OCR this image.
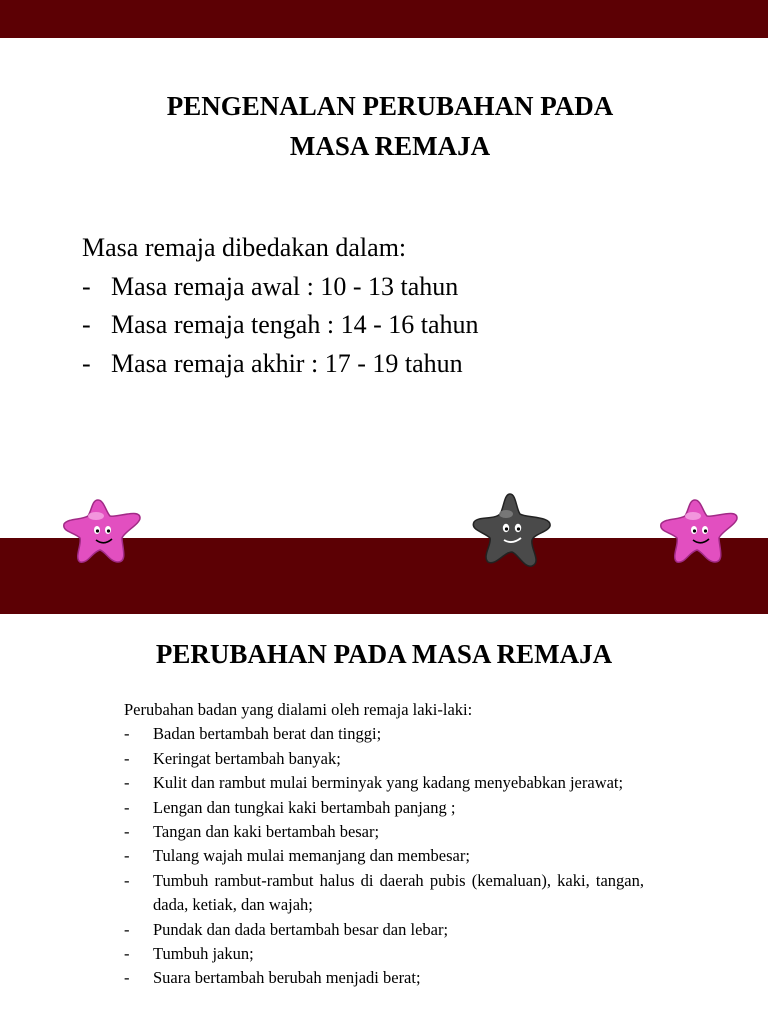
PENGENALAN PERUBAHAN PADA
MASA REMAJA
Masa remaja dibedakan dalam:
- Masa remaja awal : 10 - 13 tahun
- Masa remaja tengah : 14 - 16 tahun
- Masa remaja akhir : 17 - 19 tahun
PERUBAHAN PADA MASA REMAJA
Perubahan badan yang dialami oleh remaja laki-laki:
-	Badan bertambah berat dan tinggi;
-	Keringat bertambah banyak;
-	Kulit dan rambut mulai berminyak yang kadang menyebabkan jerawat;
-	Lengan dan tungkai kaki bertambah panjang ;
-	Tangan dan kaki bertambah besar;
-	Tulang wajah mulai memanjang dan membesar;
-	Tumbuh rambut-rambut halus di daerah pubis (kemaluan), kaki, tangan, dada, ketiak, dan wajah;
-	Pundak dan dada bertambah besar dan lebar;
-	Tumbuh jakun;
-	Suara bertambah berubah menjadi berat;
